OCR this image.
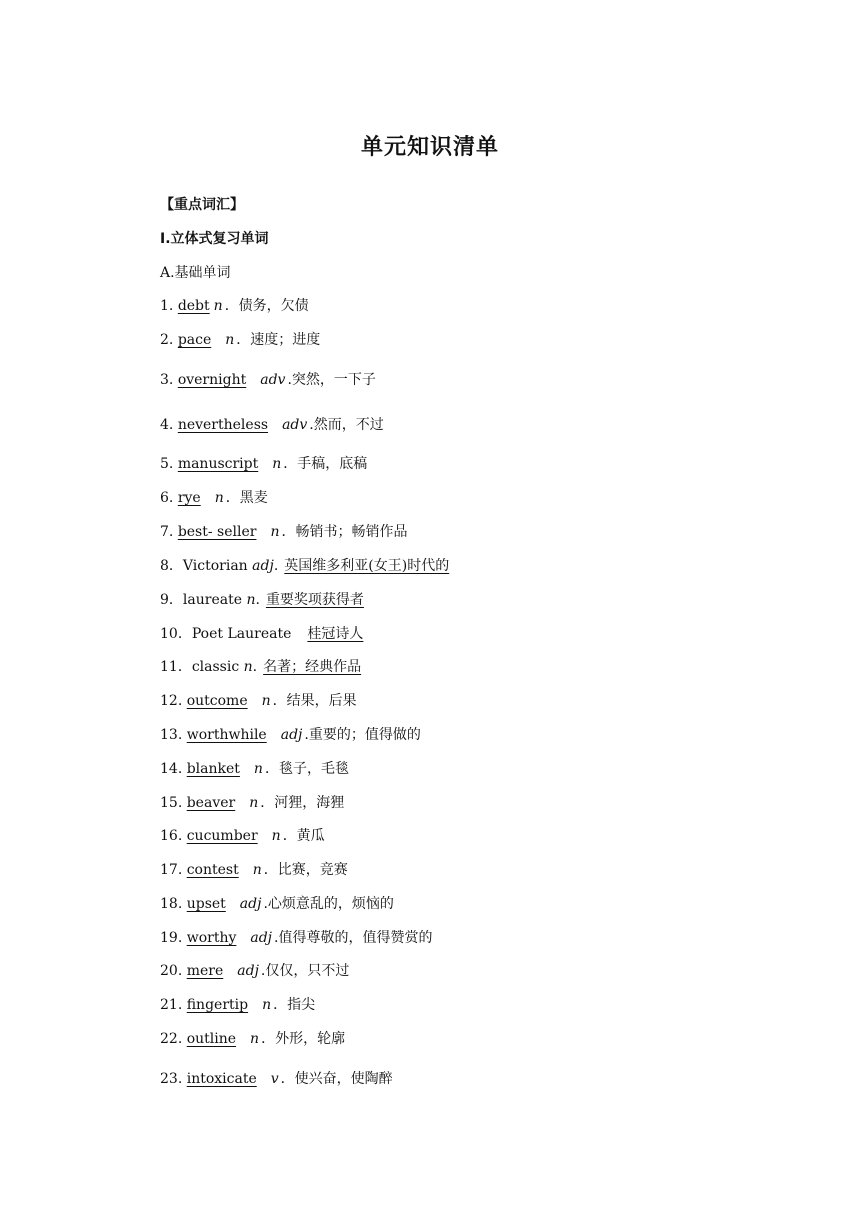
单元知识清单
【重点词汇】
Ⅰ.立体式复习单词
A.基础单词
1. debt n ．债务，欠债
2. pace n ．速度；进度
3. overnight adv .突然，一下子
4. nevertheless adv .然而，不过
5. manuscript n ．手稿，底稿
6. rye n ．黑麦
7. best- seller n ．畅销书；畅销作品
8．Victorian adj. 英国维多利亚(女王)时代的
9．laureate n. 重要奖项获得者
10．Poet Laureate 桂冠诗人
11．classic n. 名著；经典作品
12. outcome n ．结果，后果
13. worthwhile adj .重要的；值得做的
14. blanket n ．毯子，毛毯
15. beaver n ．河狸，海狸
16. cucumber n ．黄瓜
17. contest n ．比赛，竞赛
18. upset adj .心烦意乱的，烦恼的
19. worthy adj .值得尊敬的，值得赞赏的
20. mere adj .仅仅，只不过
21. fingertip n ．指尖
22. outline n ．外形，轮廓
23. intoxicate v ．使兴奋，使陶醉
